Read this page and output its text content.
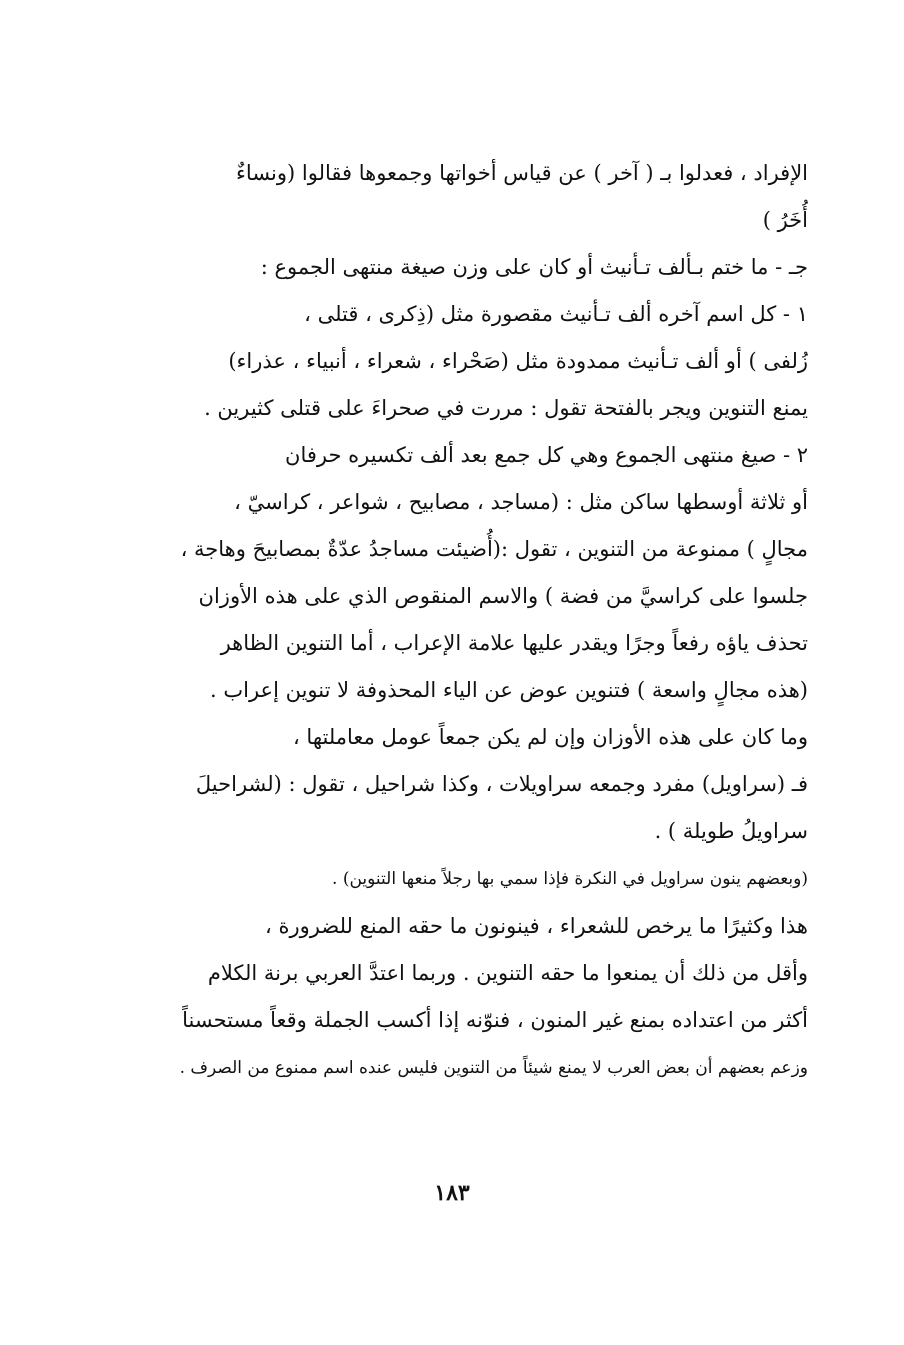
الإفراد ، فعدلوا بـ ( آخر ) عن قياس أخواتها وجمعوها فقالوا (ونساءٌ
أُخَرُ )
جـ - ما ختم بـألف تـأنيث أو كان على وزن صيغة منتهى الجموع :
١ - كل اسم آخره ألف تـأنيث مقصورة مثل (ذِكرى ، قتلى ،
زُلفى ) أو ألف تـأنيث ممدودة مثل (صَحْراء ، شعراء ، أنبياء ، عذراء)
يمنع التنوين ويجر بالفتحة تقول : مررت في صحراءَ على قتلى كثيرين .
٢ - صيغ منتهى الجموع وهي كل جمع بعد ألف تكسيره حرفان
أو ثلاثة أوسطها ساكن مثل : (مساجد ، مصابيح ، شواعر ، كراسيّ ،
مجالٍ ) ممنوعة من التنوين ، تقول :(أُضيئت مساجدُ عدّةٌ بمصابيحَ وهاجة ،
جلسوا على كراسيَّ من فضة ) والاسم المنقوص الذي على هذه الأوزان
تحذف ياؤه رفعاً وجرًا ويقدر عليها علامة الإعراب ، أما التنوين الظاهر
(هذه مجالٍ واسعة ) فتنوين عوض عن الياء المحذوفة لا تنوين إعراب .
وما كان على هذه الأوزان وإن لم يكن جمعاً عومل معاملتها ،
فـ (سراويل) مفرد وجمعه سراويلات ، وكذا شراحيل ، تقول : (لشراحيلَ
سراويلُ طويلة ) .
(وبعضهم ينون سراويل في النكرة فإذا سمي بها رجلاً منعها التنوين) .
هذا وكثيرًا ما يرخص للشعراء ، فينونون ما حقه المنع للضرورة ،
وأقل من ذلك أن يمنعوا ما حقه التنوين . وربما اعتدَّ العربي برنة الكلام
أكثر من اعتداده بمنع غير المنون ، فنوّنه إذا أكسب الجملة وقعاً مستحسناً
وزعم بعضهم أن بعض العرب لا يمنع شيئاً من التنوين فليس عنده اسم ممنوع من الصرف .
١٨٣
